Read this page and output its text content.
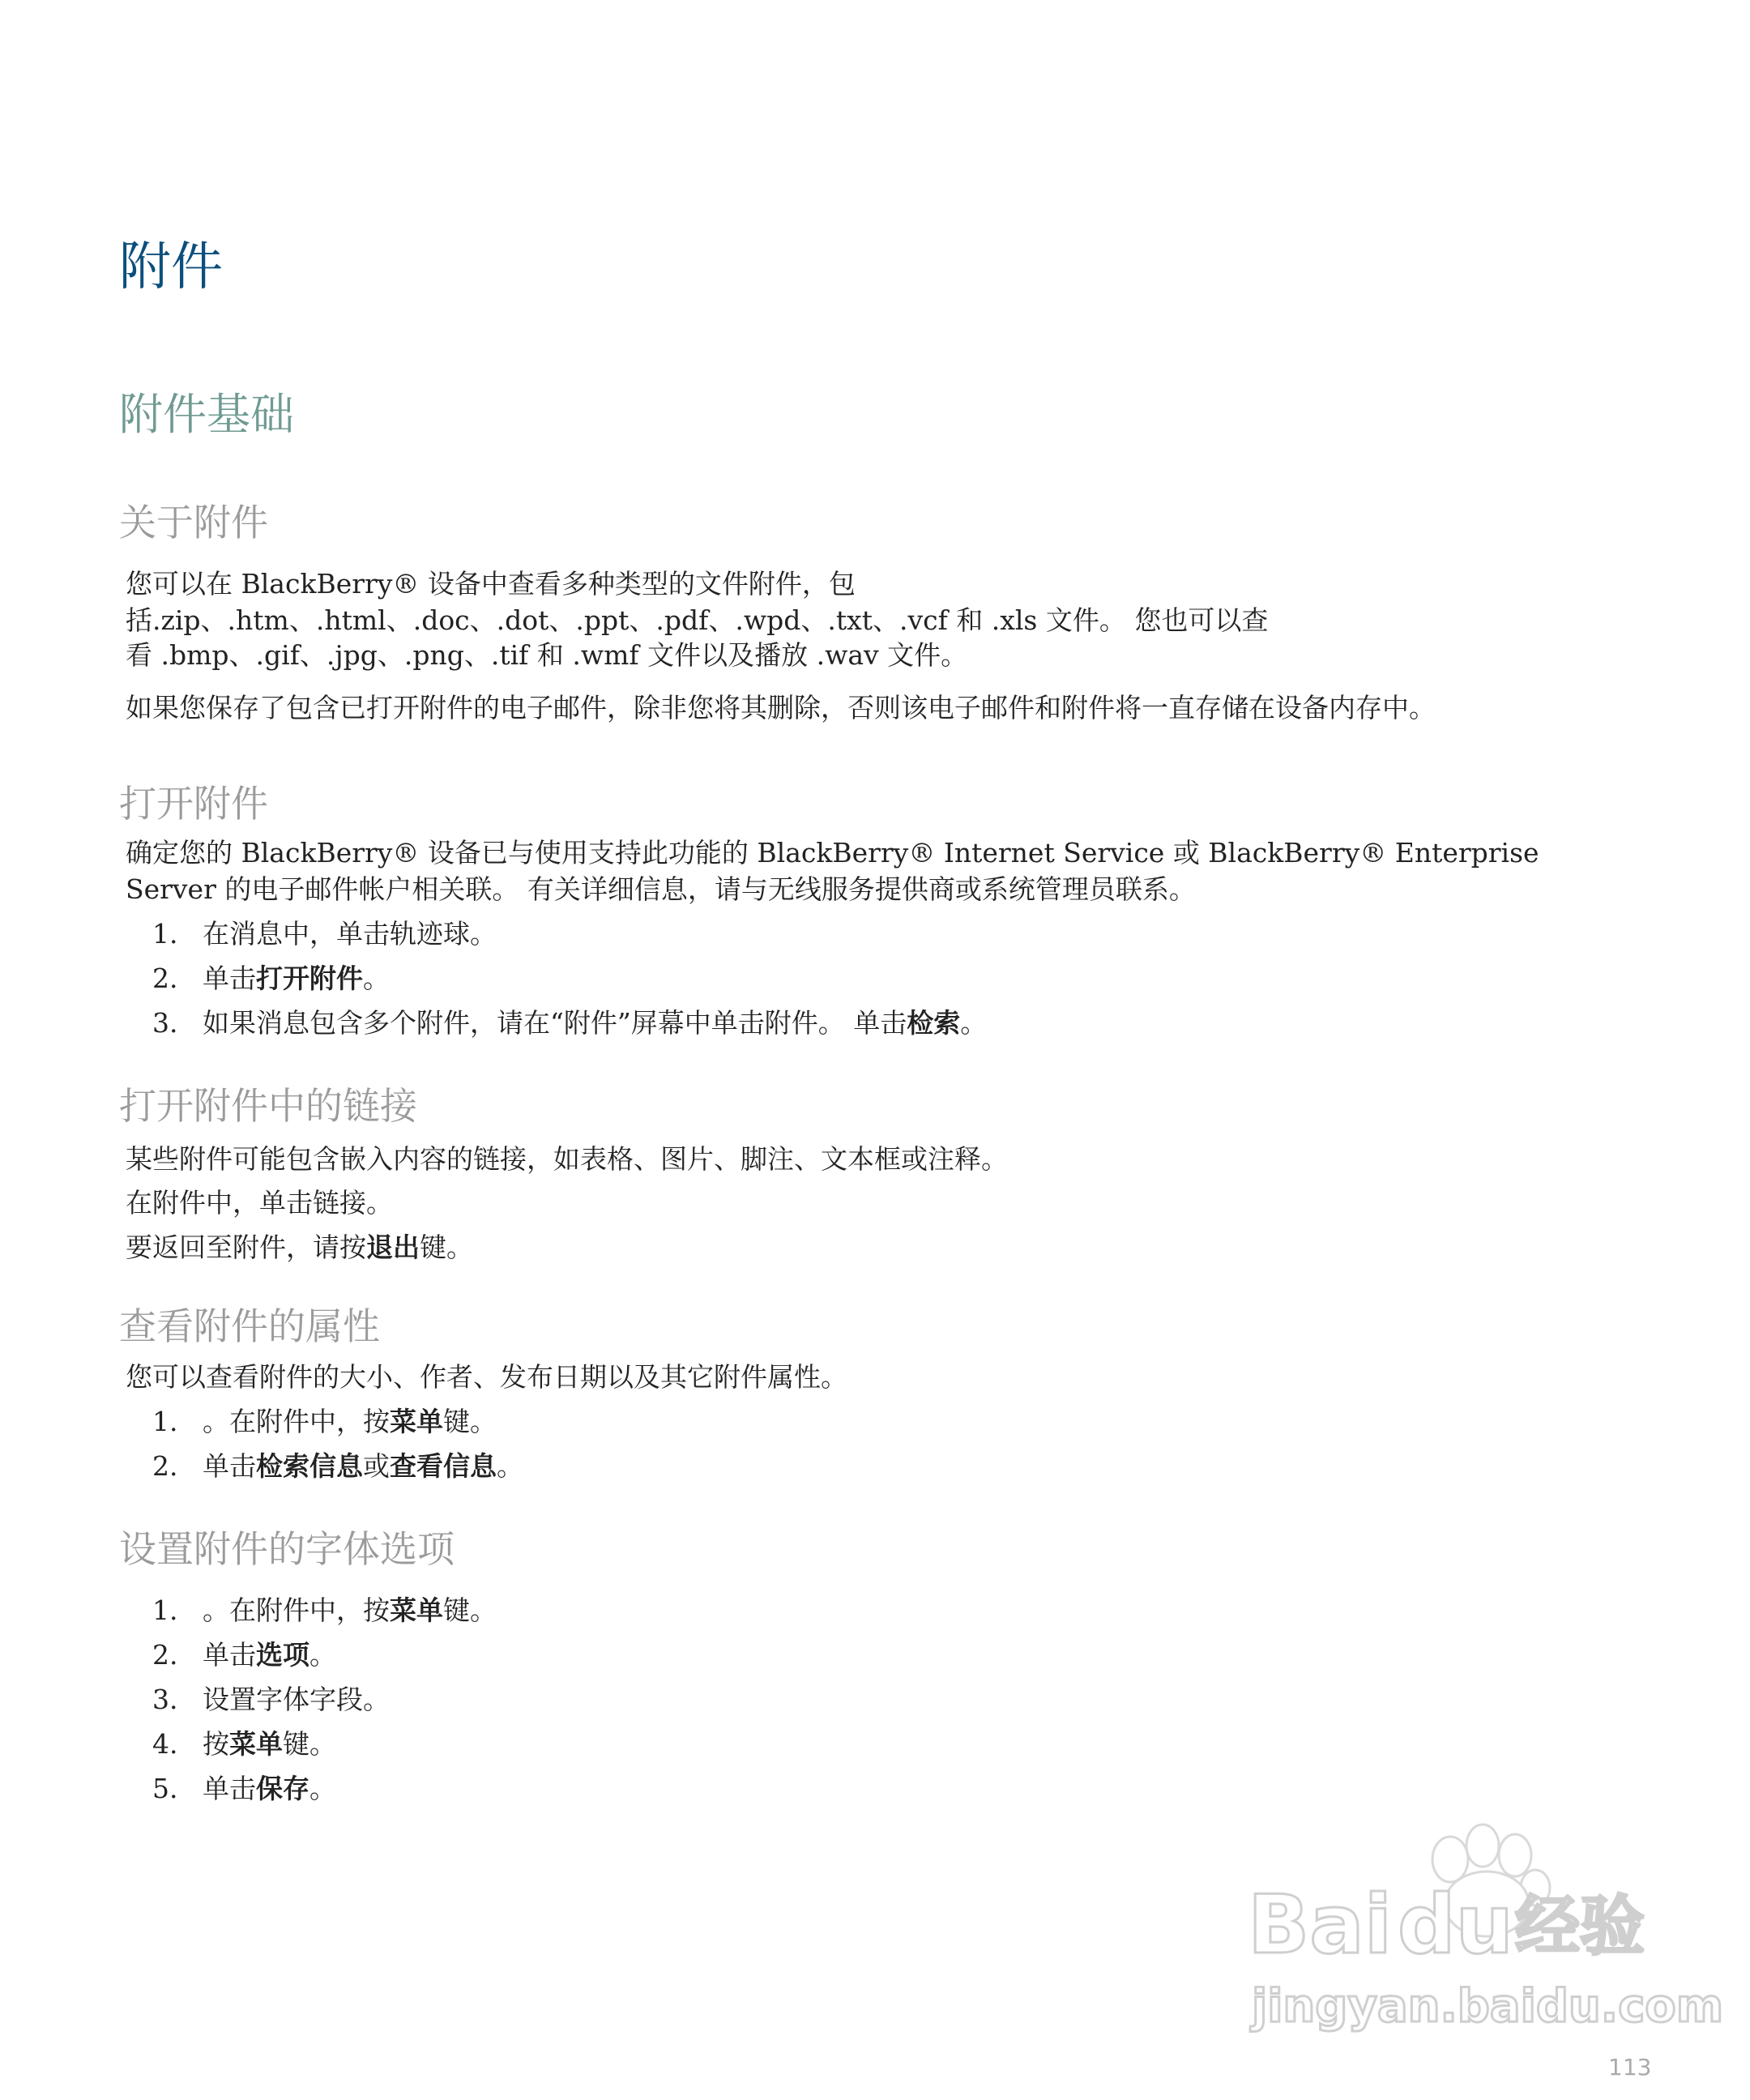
附件
附件基础
关于附件

您可以在 BlackBerry® 设备中查看多种类型的文件附件，包

括.zip、.htm、.html、.doc、.dot、.ppt、.pdf、.wpd、.txt、.vcf 和 .xls 文件。 您也可以查

看 .bmp、.gif、.jpg、.png、.tif 和 .wmf 文件以及播放 .wav 文件。

如果您保存了包含已打开附件的电子邮件，除非您将其删除，否则该电子邮件和附件将一直存储在设备内存中。

打开附件

确定您的 BlackBerry® 设备已与使用支持此功能的 BlackBerry® Internet Service 或 BlackBerry® Enterprise

Server 的电子邮件帐户相关联。 有关详细信息，请与无线服务提供商或系统管理员联系。

1. 在消息中，单击轨迹球。
2. 单击打开附件。
3. 如果消息包含多个附件，请在“附件”屏幕中单击附件。 单击检索。
打开附件中的链接

某些附件可能包含嵌入内容的链接，如表格、图片、脚注、文本框或注释。

在附件中，单击链接。

要返回至附件，请按退出键。

查看附件的属性

您可以查看附件的大小、作者、发布日期以及其它附件属性。

1. 。在附件中，按菜单键。
2. 单击检索信息或查看信息。
设置附件的字体选项
1. 。在附件中，按菜单键。
2. 单击选项。
3. 设置字体字段。
4. 按菜单键。
5. 单击保存。
Bai du 经验
jingyan.baidu.com
113
